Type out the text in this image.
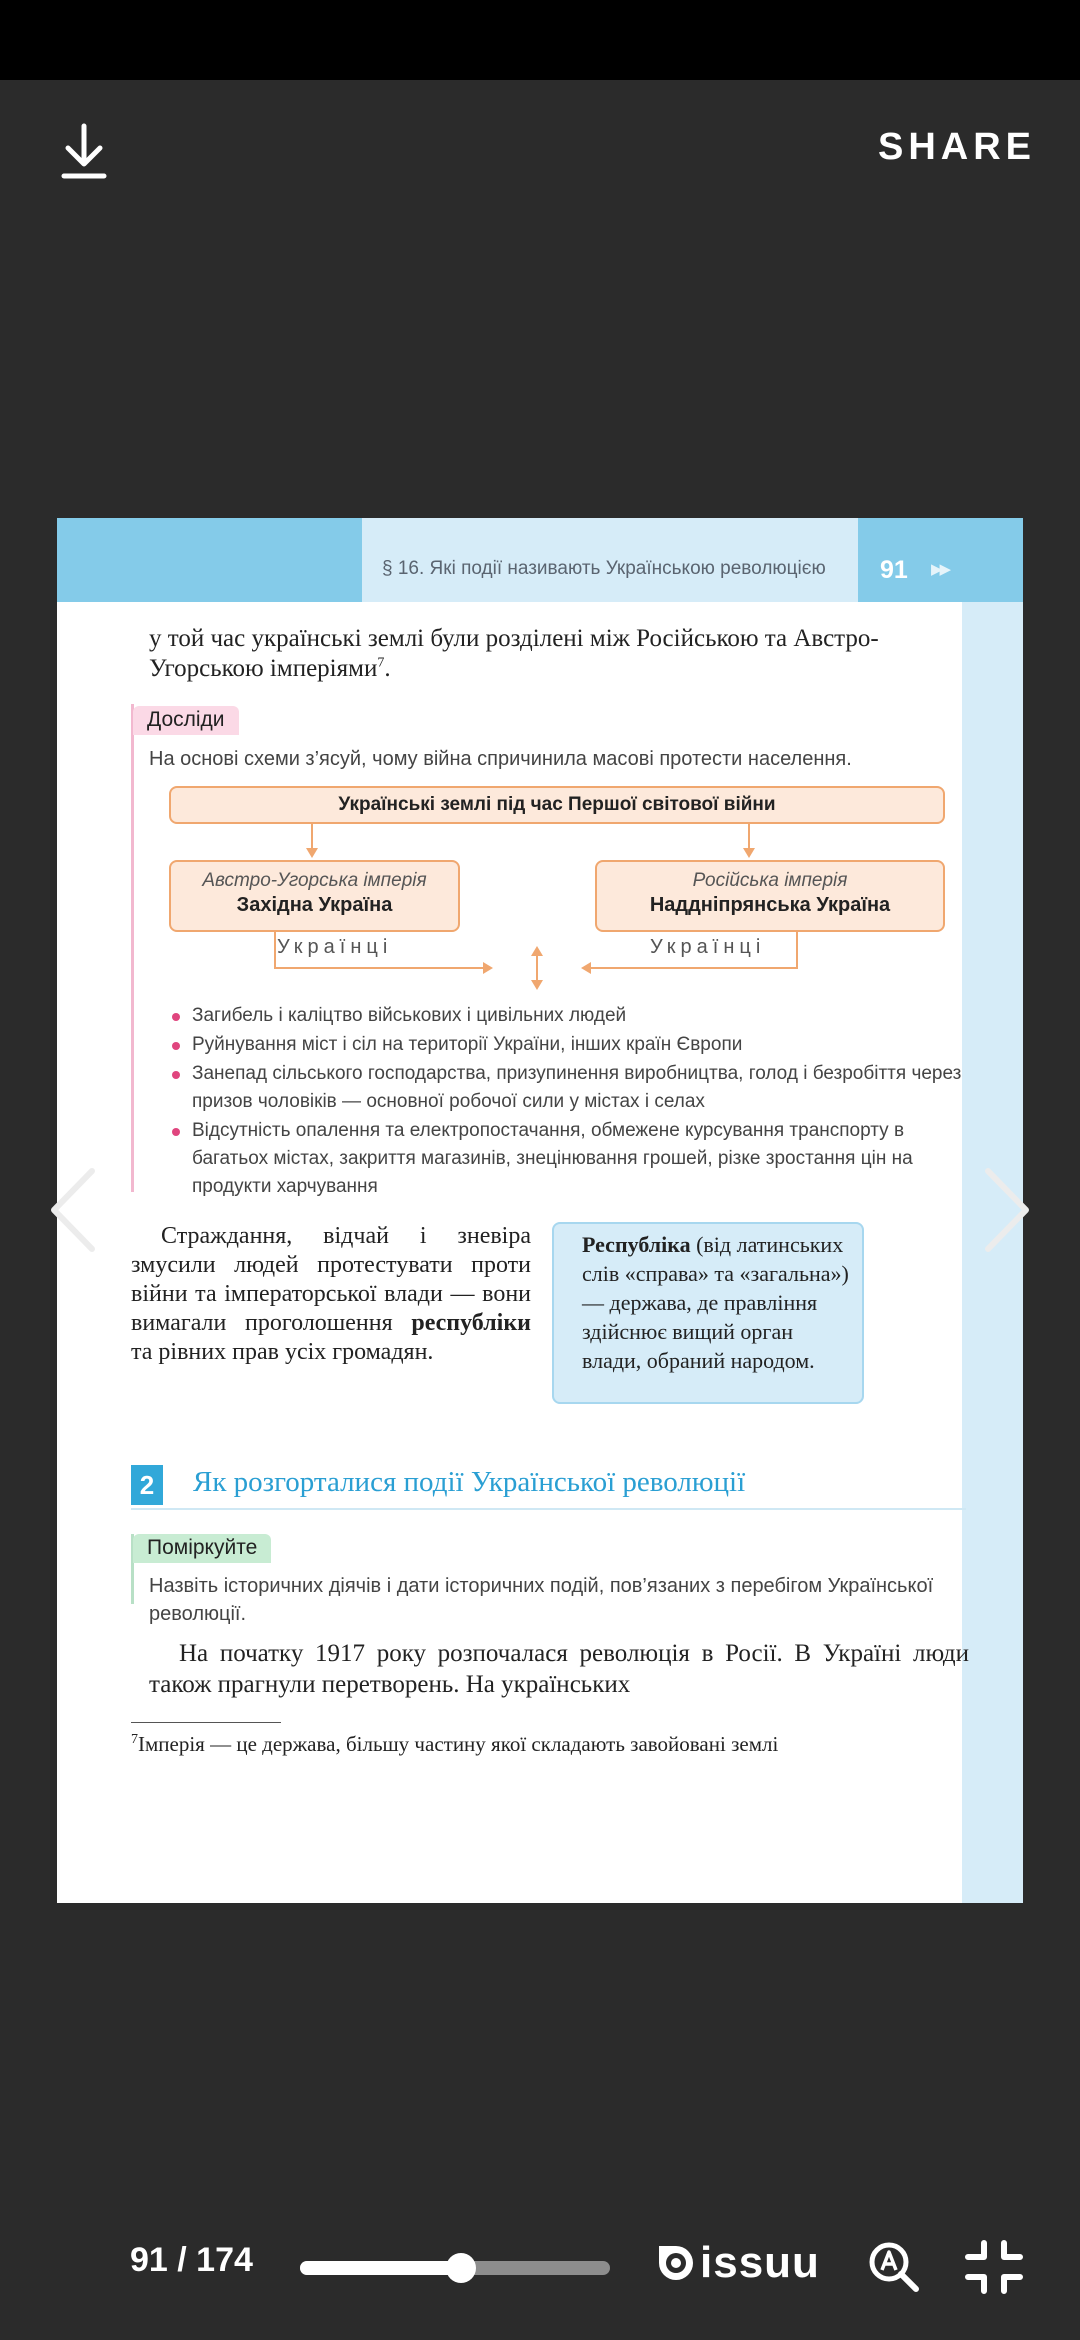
SHARE
§ 16. Які події називають Українською революцією 91 ▶▶
у той час українські землі були розділені між Російською та Австро-Угорською імперіями$^7$.
Досліди
На основі схеми з’ясуй, чому війна спричинила масові протести населення.
Українські землі під час Першої світової війни
Австро-Угорська імперія
Західна Україна
Російська імперія
Наддніпрянська Україна
Українці	Українці
Загибель і каліцтво військових і цивільних людей
Руйнування міст і сіл на території України, інших країн Європи
Занепад сільського господарства, призупинення виробництва, голод і безробіття через призов чоловіків — основної робочої сили у містах і селах
Відсутність опалення та електропостачання, обмежене курсування транспорту в багатьох містах, закриття магазинів, знецінювання грошей, різке зростання цін на продукти харчування
Страждання, відчай і зневіра змусили людей протестувати проти війни та імператорської влади — вони вимагали проголошення республіки та рівних прав усіх громадян.
Республіка (від латинських слів «справа» та «загальна») — держава, де правління здійснює вищий орган влади, обраний народом.
2	Як розгорталися події Української революції
Поміркуйте
Назвіть історичних діячів і дати історичних подій, пов’язаних з перебігом Української революції.
На початку 1917 року розпочалася революція в Росії. В Україні люди також прагнули перетворень. На українських
$^7$Імперія — це держава, більшу частину якої складають завойовані землі
91 / 174	issuu
